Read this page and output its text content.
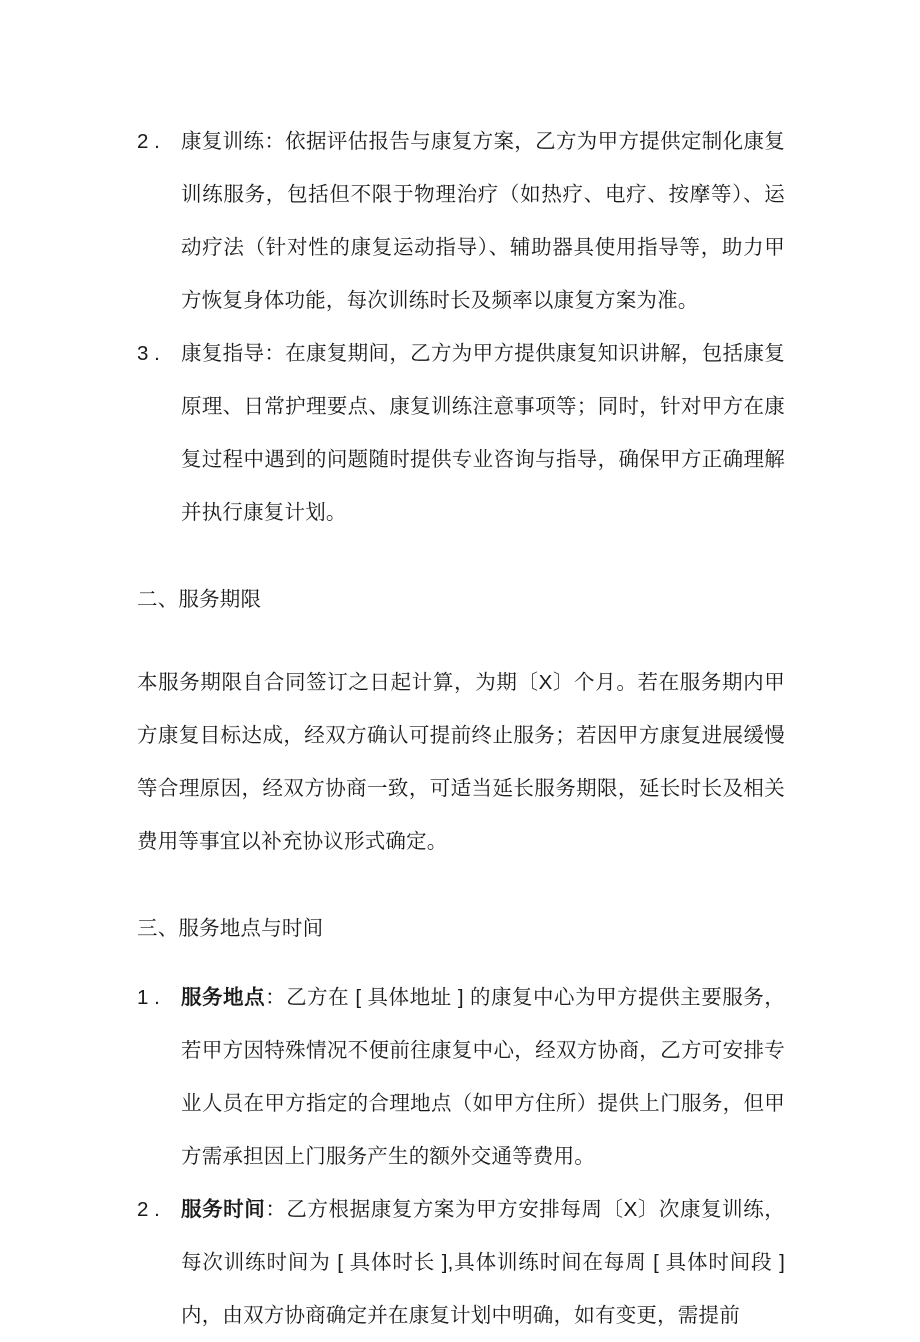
2 .	康复训练：依据评估报告与康复方案，乙方为甲方提供定制化康复训练服务，包括但不限于物理治疗（如热疗、电疗、按摩等）、运动疗法（针对性的康复运动指导）、辅助器具使用指导等，助力甲方恢复身体功能，每次训练时长及频率以康复方案为准。
3 .	康复指导：在康复期间，乙方为甲方提供康复知识讲解，包括康复原理、日常护理要点、康复训练注意事项等；同时，针对甲方在康复过程中遇到的问题随时提供专业咨询与指导，确保甲方正确理解并执行康复计划。
二、服务期限

本服务期限自合同签订之日起计算，为期〔X〕个月。若在服务期内甲方康复目标达成，经双方确认可提前终止服务；若因甲方康复进展缓慢等合理原因，经双方协商一致，可适当延长服务期限，延长时长及相关费用等事宜以补充协议形式确定。

三、服务地点与时间
1 .	服务地点：乙方在 [ 具体地址 ] 的康复中心为甲方提供主要服务，若甲方因特殊情况不便前往康复中心，经双方协商，乙方可安排专业人员在甲方指定的合理地点（如甲方住所）提供上门服务，但甲方需承担因上门服务产生的额外交通等费用。
2 .	服务时间：乙方根据康复方案为甲方安排每周〔X〕次康复训练，每次训练时间为 [ 具体时长 ],具体训练时间在每周 [ 具体时间段 ] 内，由双方协商确定并在康复计划中明确，如有变更，需提前
